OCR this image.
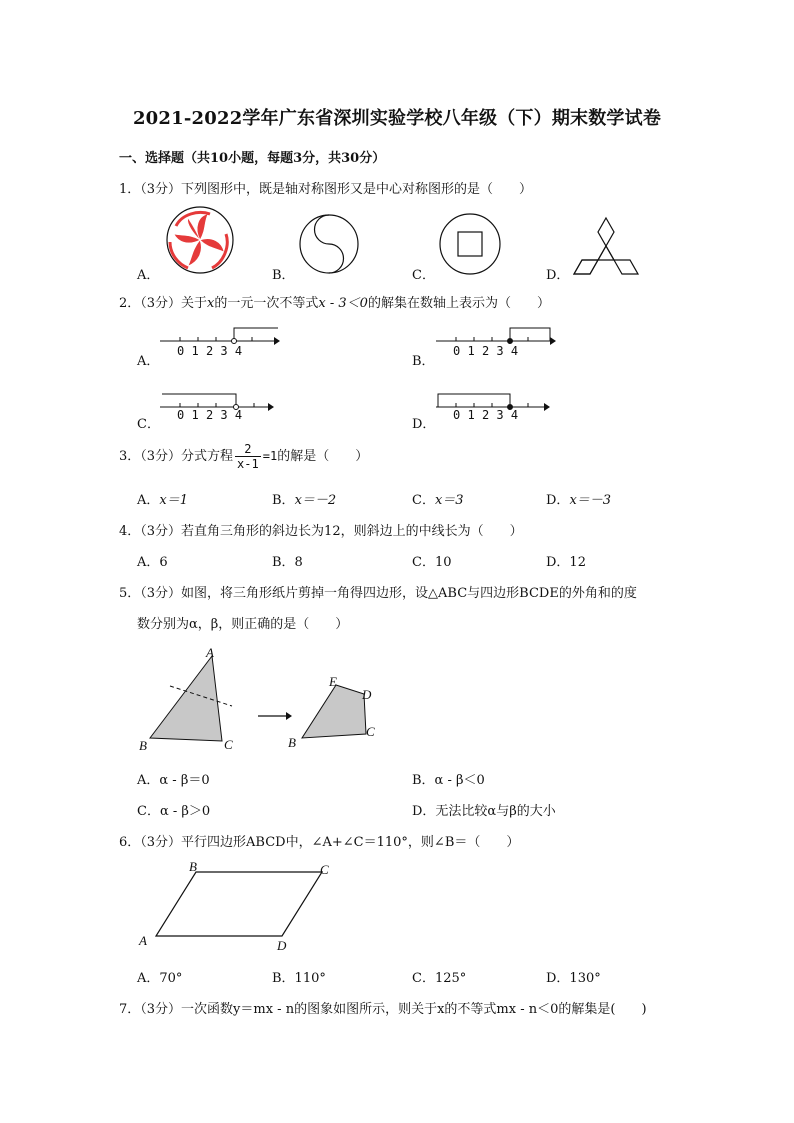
2021-2022学年广东省深圳实验学校八年级（下）期末数学试卷
一、选择题（共10小题，每题3分，共30分）
1．（3分）下列图形中，既是轴对称图形又是中心对称图形的是（　　）
A．	B．	C．	D．
2．（3分）关于x的一元一次不等式x - 3＜0的解集在数轴上表示为（　　）
A．
0 1 2 3 4
B．
0 1 2 3 4
C．
0 1 2 3 4
D．
0 1 2 3 4
3．（3分）分式方程 $\frac{2}{x-1} =1$的解是（　　）
A．x＝1	B．x＝－2	C．x＝3	D．x＝－3
4．（3分）若直角三角形的斜边长为12，则斜边上的中线长为（　　）
A．6	B．8	C．10	D．12
5．（3分）如图，将三角形纸片剪掉一角得四边形，设△ABC与四边形BCDE的外角和的度
数分别为α，β，则正确的是（　　）
A
B	C
E
D
B
C
A．α - β＝0	B．α - β＜0
C．α - β＞0	D．无法比较α与β的大小
6．（3分）平行四边形ABCD中，∠A+∠C＝110°，则∠B＝（　　）
B	C
A	D
A．70°	B．110°	C．125°	D．130°
7．（3分）一次函数y＝mx - n的图象如图所示，则关于x的不等式mx - n＜0的解集是(　　)
